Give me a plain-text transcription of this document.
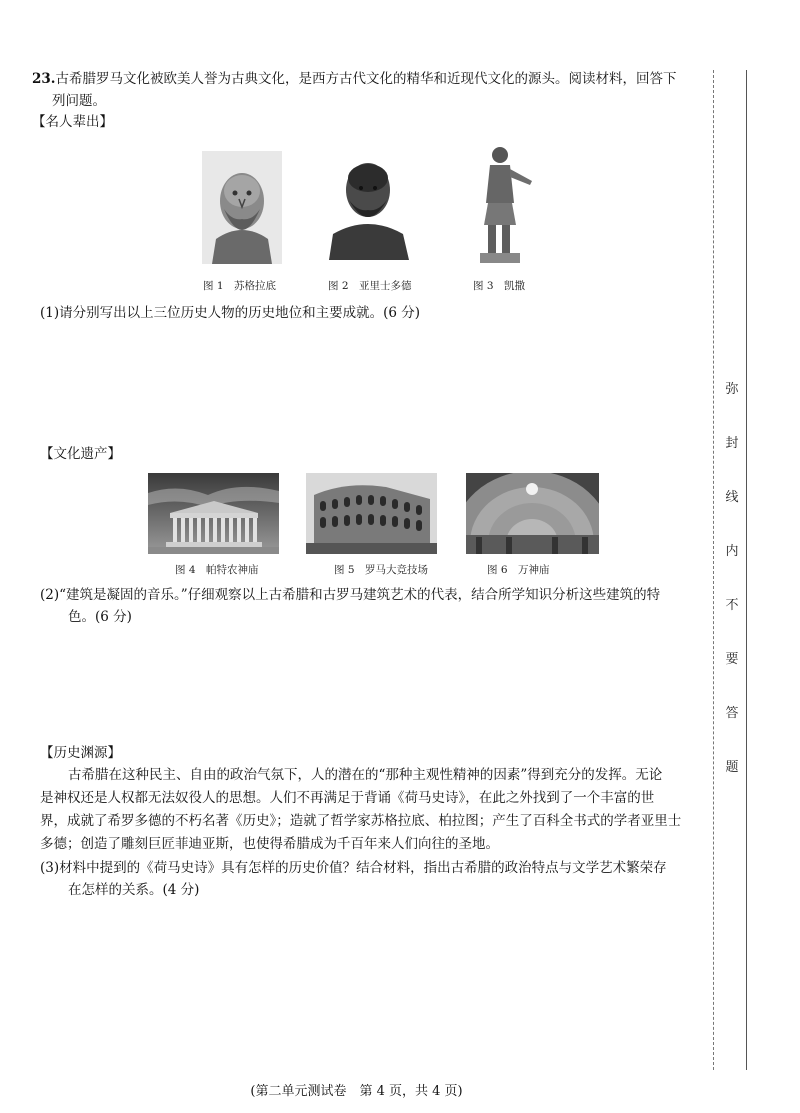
23.古希腊罗马文化被欧美人誉为古典文化，是西方古代文化的精华和近现代文化的源头。阅读材料，回答下
列问题。
【名人辈出】
图 1　苏格拉底	图 2　亚里士多德	图 3　凯撒
(1)请分别写出以上三位历史人物的历史地位和主要成就。(6 分)
【文化遗产】
图 4　帕特农神庙	图 5　罗马大竞技场	图 6　万神庙
(2)“建筑是凝固的音乐。”仔细观察以上古希腊和古罗马建筑艺术的代表，结合所学知识分析这些建筑的特
色。(6 分)
【历史渊源】
古希腊在这种民主、自由的政治气氛下，人的潜在的“那种主观性精神的因素”得到充分的发挥。无论
是神权还是人权都无法奴役人的思想。人们不再满足于背诵《荷马史诗》，在此之外找到了一个丰富的世
界，成就了希罗多德的不朽名著《历史》；造就了哲学家苏格拉底、柏拉图；产生了百科全书式的学者亚里士
多德；创造了雕刻巨匠菲迪亚斯，也使得希腊成为千百年来人们向往的圣地。
(3)材料中提到的《荷马史诗》具有怎样的历史价值？结合材料，指出古希腊的政治特点与文学艺术繁荣存
在怎样的关系。(4 分)
弥
封
线
内
不
要
答
题
(第二单元测试卷　第 4 页，共 4 页)
